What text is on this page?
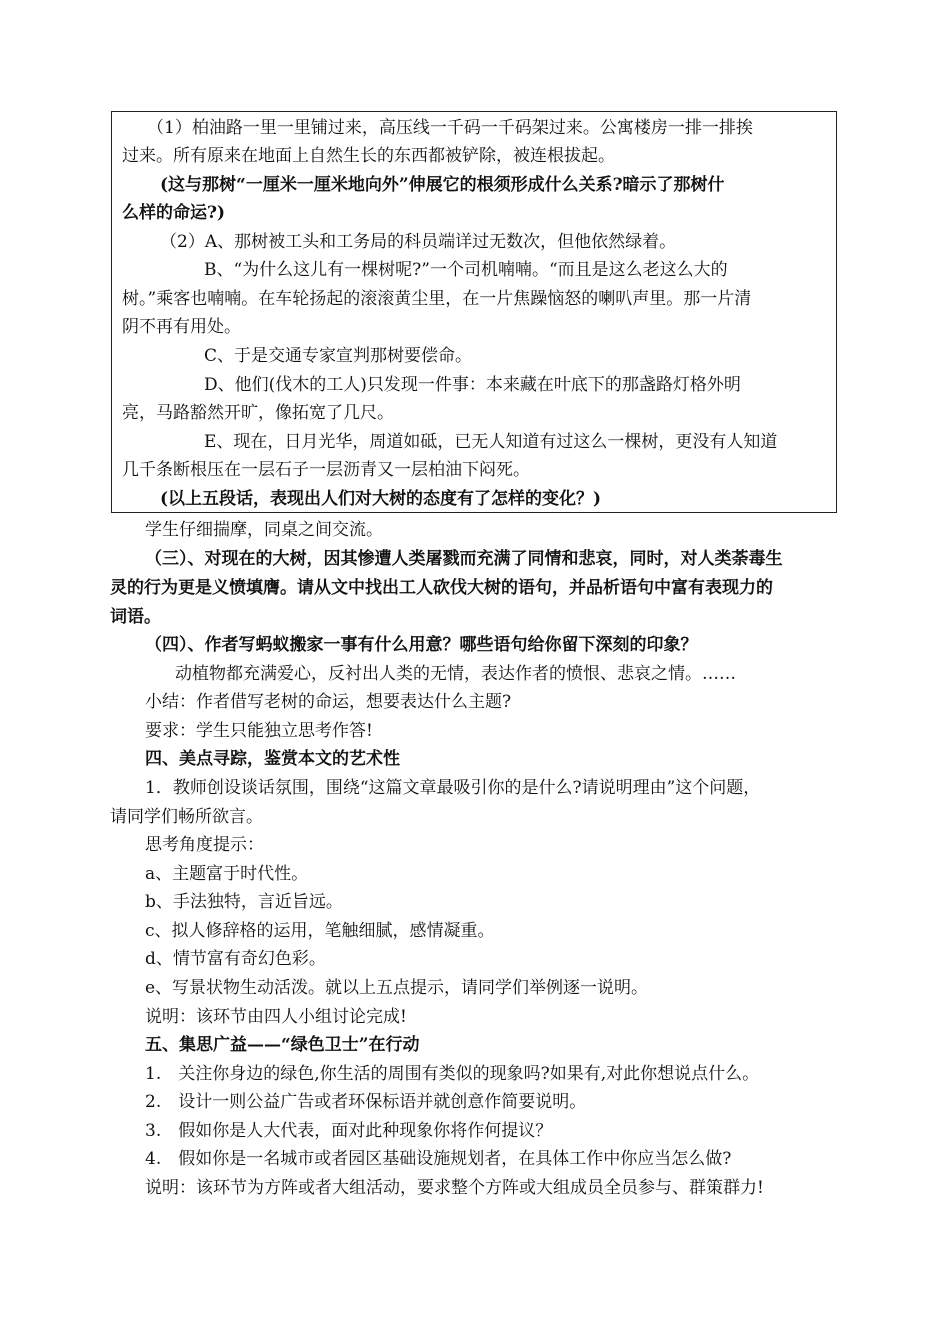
（1）柏油路一里一里铺过来，高压线一千码一千码架过来。公寓楼房一排一排挨
过来。所有原来在地面上自然生长的东西都被铲除，被连根拔起。
(这与那树“一厘米一厘米地向外”伸展它的根须形成什么关系?暗示了那树什
么样的命运?)
（2）A、那树被工头和工务局的科员端详过无数次，但他依然绿着。
B、“为什么这儿有一棵树呢?”一个司机喃喃。“而且是这么老这么大的
树。”乘客也喃喃。在车轮扬起的滚滚黄尘里，在一片焦躁恼怒的喇叭声里。那一片清
阴不再有用处。
C、于是交通专家宣判那树要偿命。
D、他们(伐木的工人)只发现一件事：本来藏在叶底下的那盏路灯格外明
亮，马路豁然开旷，像拓宽了几尺。
E、现在，日月光华，周道如砥，已无人知道有过这么一棵树，更没有人知道
几千条断根压在一层石子一层沥青又一层柏油下闷死。
(以上五段话，表现出人们对大树的态度有了怎样的变化？)
学生仔细揣摩，同桌之间交流。
（三）、对现在的大树，因其惨遭人类屠戮而充满了同情和悲哀，同时，对人类荼毒生
灵的行为更是义愤填膺。请从文中找出工人砍伐大树的语句，并品析语句中富有表现力的
词语。
（四）、作者写蚂蚁搬家一事有什么用意？哪些语句给你留下深刻的印象？
动植物都充满爱心，反衬出人类的无情，表达作者的愤恨、悲哀之情。……
小结：作者借写老树的命运，想要表达什么主题?
要求：学生只能独立思考作答!
四、美点寻踪，鉴赏本文的艺术性
1．教师创设谈话氛围，围绕“这篇文章最吸引你的是什么?请说明理由”这个问题，
请同学们畅所欲言。
思考角度提示：
a、主题富于时代性。
b、手法独特，言近旨远。
c、拟人修辞格的运用，笔触细腻，感情凝重。
d、情节富有奇幻色彩。
e、写景状物生动活泼。就以上五点提示，请同学们举例逐一说明。
说明：该环节由四人小组讨论完成!
五、集思广益——“绿色卫士”在行动
1.　关注你身边的绿色,你生活的周围有类似的现象吗?如果有,对此你想说点什么。
2.　设计一则公益广告或者环保标语并就创意作简要说明。
3.　假如你是人大代表，面对此种现象你将作何提议？
4.　假如你是一名城市或者园区基础设施规划者，在具体工作中你应当怎么做?
说明：该环节为方阵或者大组活动，要求整个方阵或大组成员全员参与、群策群力!
